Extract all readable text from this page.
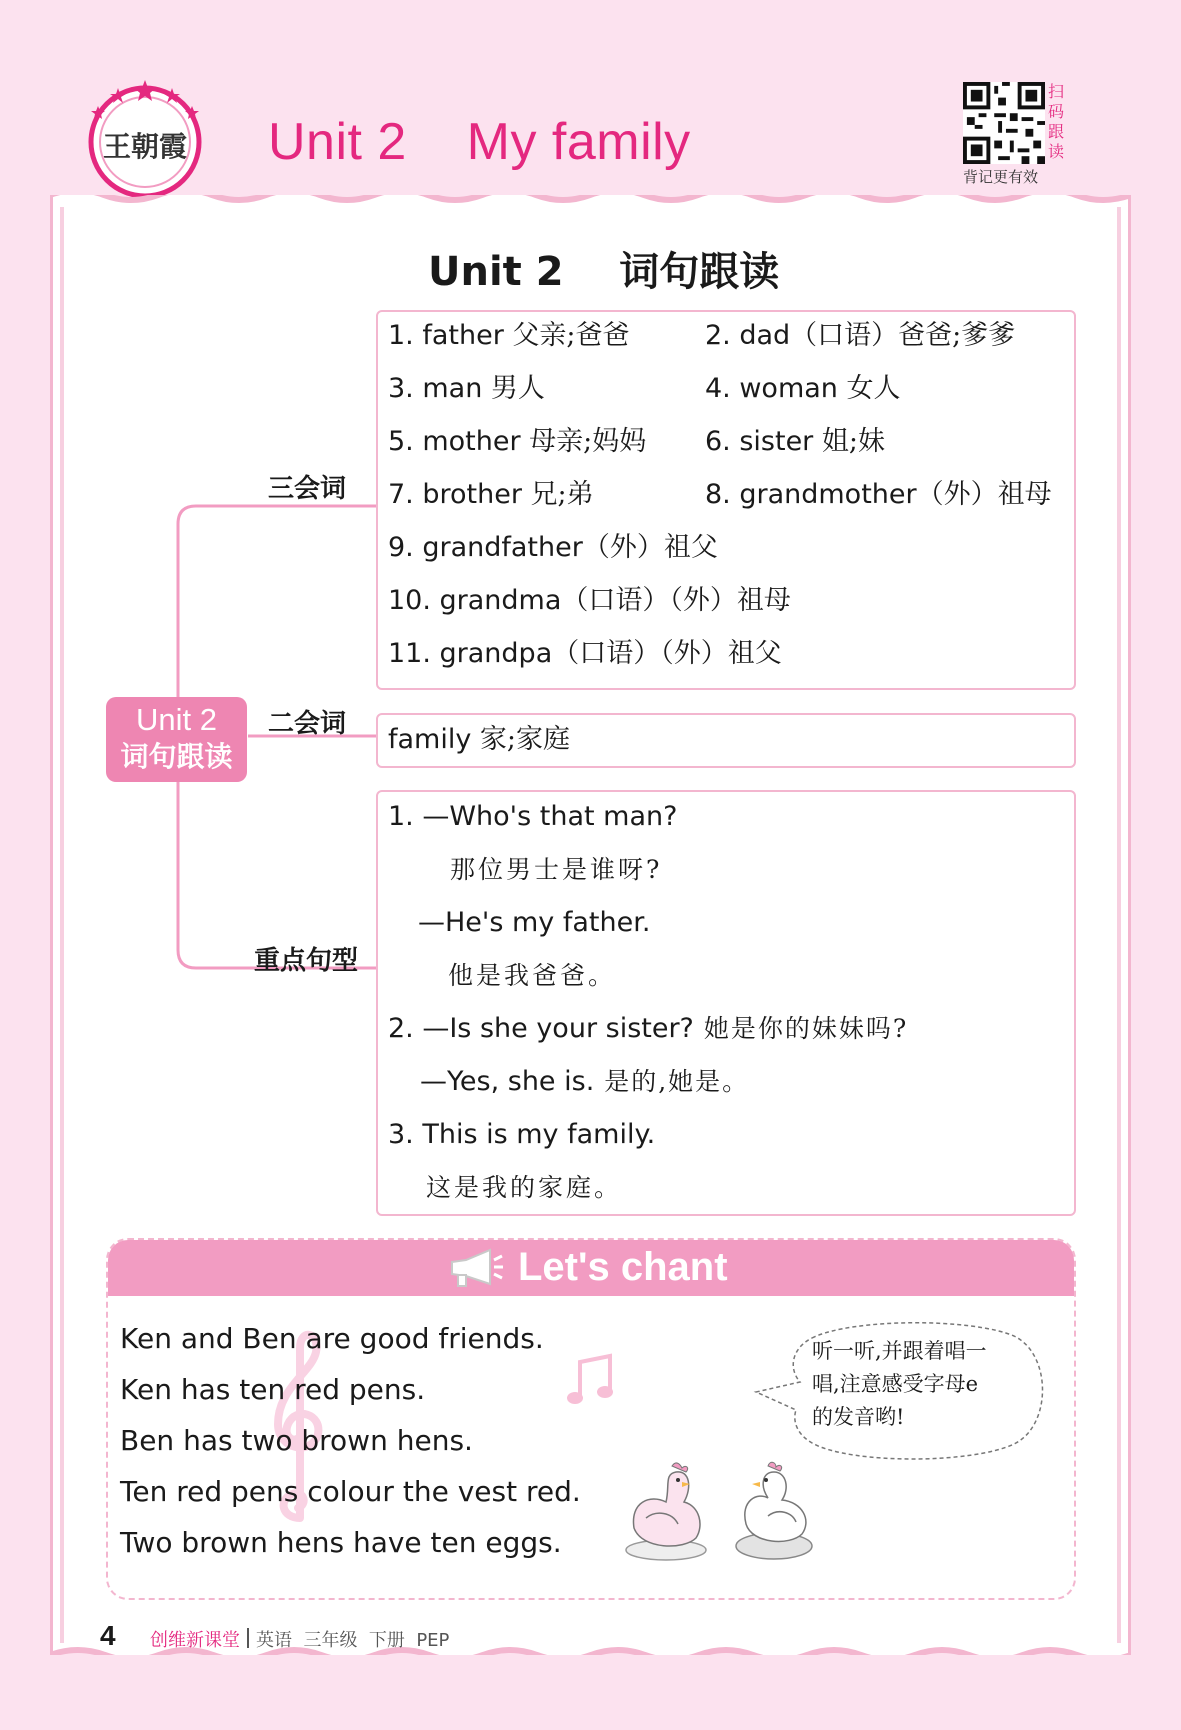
王朝霞 Unit 2    My family
扫码跟读
背记更有效
Unit 2    词句跟读
Unit 2
词句跟读
三会词
二会词
重点句型
1. father 父亲;爸爸	2. dad（口语）爸爸;爹爹
3. man 男人	4. woman 女人
5. mother 母亲;妈妈 6. sister 姐;妹
7. brother 兄;弟	8. grandmother（外）祖母
9. grandfather（外）祖父
10. grandma（口语）（外）祖母
11. grandpa（口语）（外）祖父
family 家;家庭
1. —Who's that man?
那位男士是谁呀?
—He's my father.
他是我爸爸。
2. —Is she your sister? 她是你的妹妹吗?
—Yes, she is. 是的,她是。
3. This is my family.
这是我的家庭。
Let's chant
Ken and Ben are good friends.
Ken has ten red pens.
Ben has two brown hens.
Ten red pens colour the vest red.
Two brown hens have ten eggs.
听一听,并跟着唱一
唱,注意感受字母e
的发音哟!
4 创维新课堂 英语  三年级  下册  PEP
